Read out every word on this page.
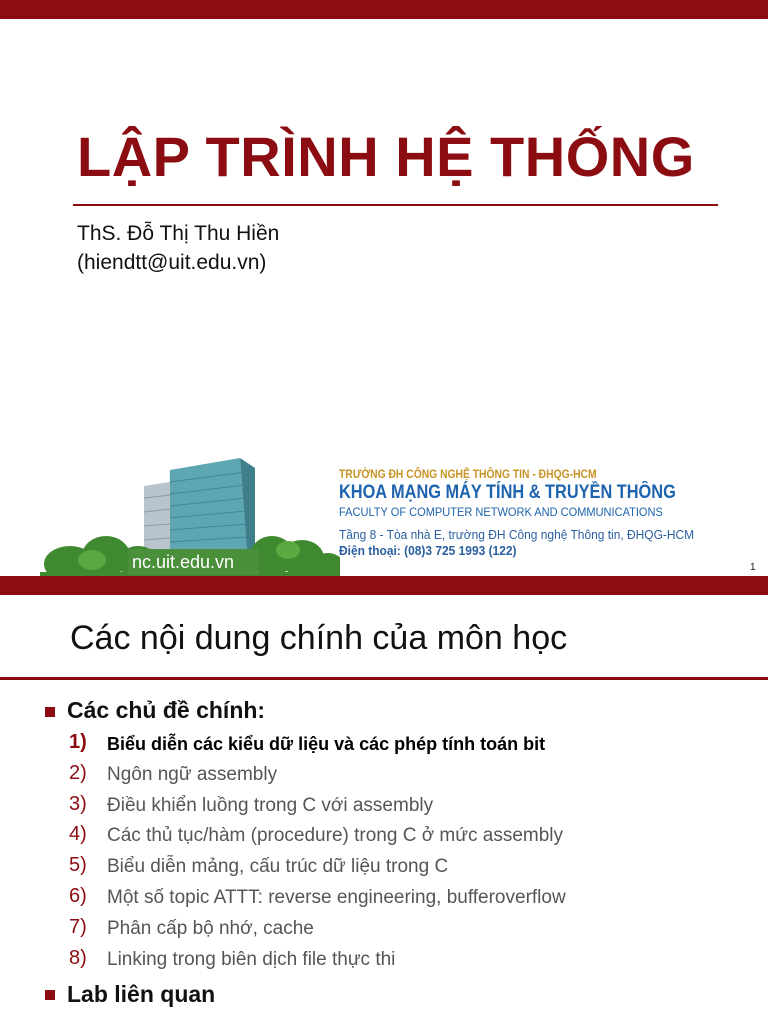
LẬP TRÌNH HỆ THỐNG
ThS. Đỗ Thị Thu Hiền
(hiendtt@uit.edu.vn)
TRƯỜNG ĐH CÔNG NGHỆ THÔNG TIN - ĐHQG-HCM
KHOA MẠNG MÁY TÍNH & TRUYỀN THÔNG
FACULTY OF COMPUTER NETWORK AND COMMUNICATIONS
Tầng 8 - Tòa nhà E, trường ĐH Công nghệ Thông tin, ĐHQG-HCM
Điện thoại: (08)3 725 1993 (122)
nc.uit.edu.vn	1
Các nội dung chính của môn học
Các chủ đề chính:
1) Biểu diễn các kiểu dữ liệu và các phép tính toán bit
2) Ngôn ngữ assembly
3) Điều khiển luồng trong C với assembly
4) Các thủ tục/hàm (procedure) trong C ở mức assembly
5) Biểu diễn mảng, cấu trúc dữ liệu trong C
6) Một số topic ATTT: reverse engineering, bufferoverflow
7) Phân cấp bộ nhớ, cache
8) Linking trong biên dịch file thực thi
Lab liên quan
